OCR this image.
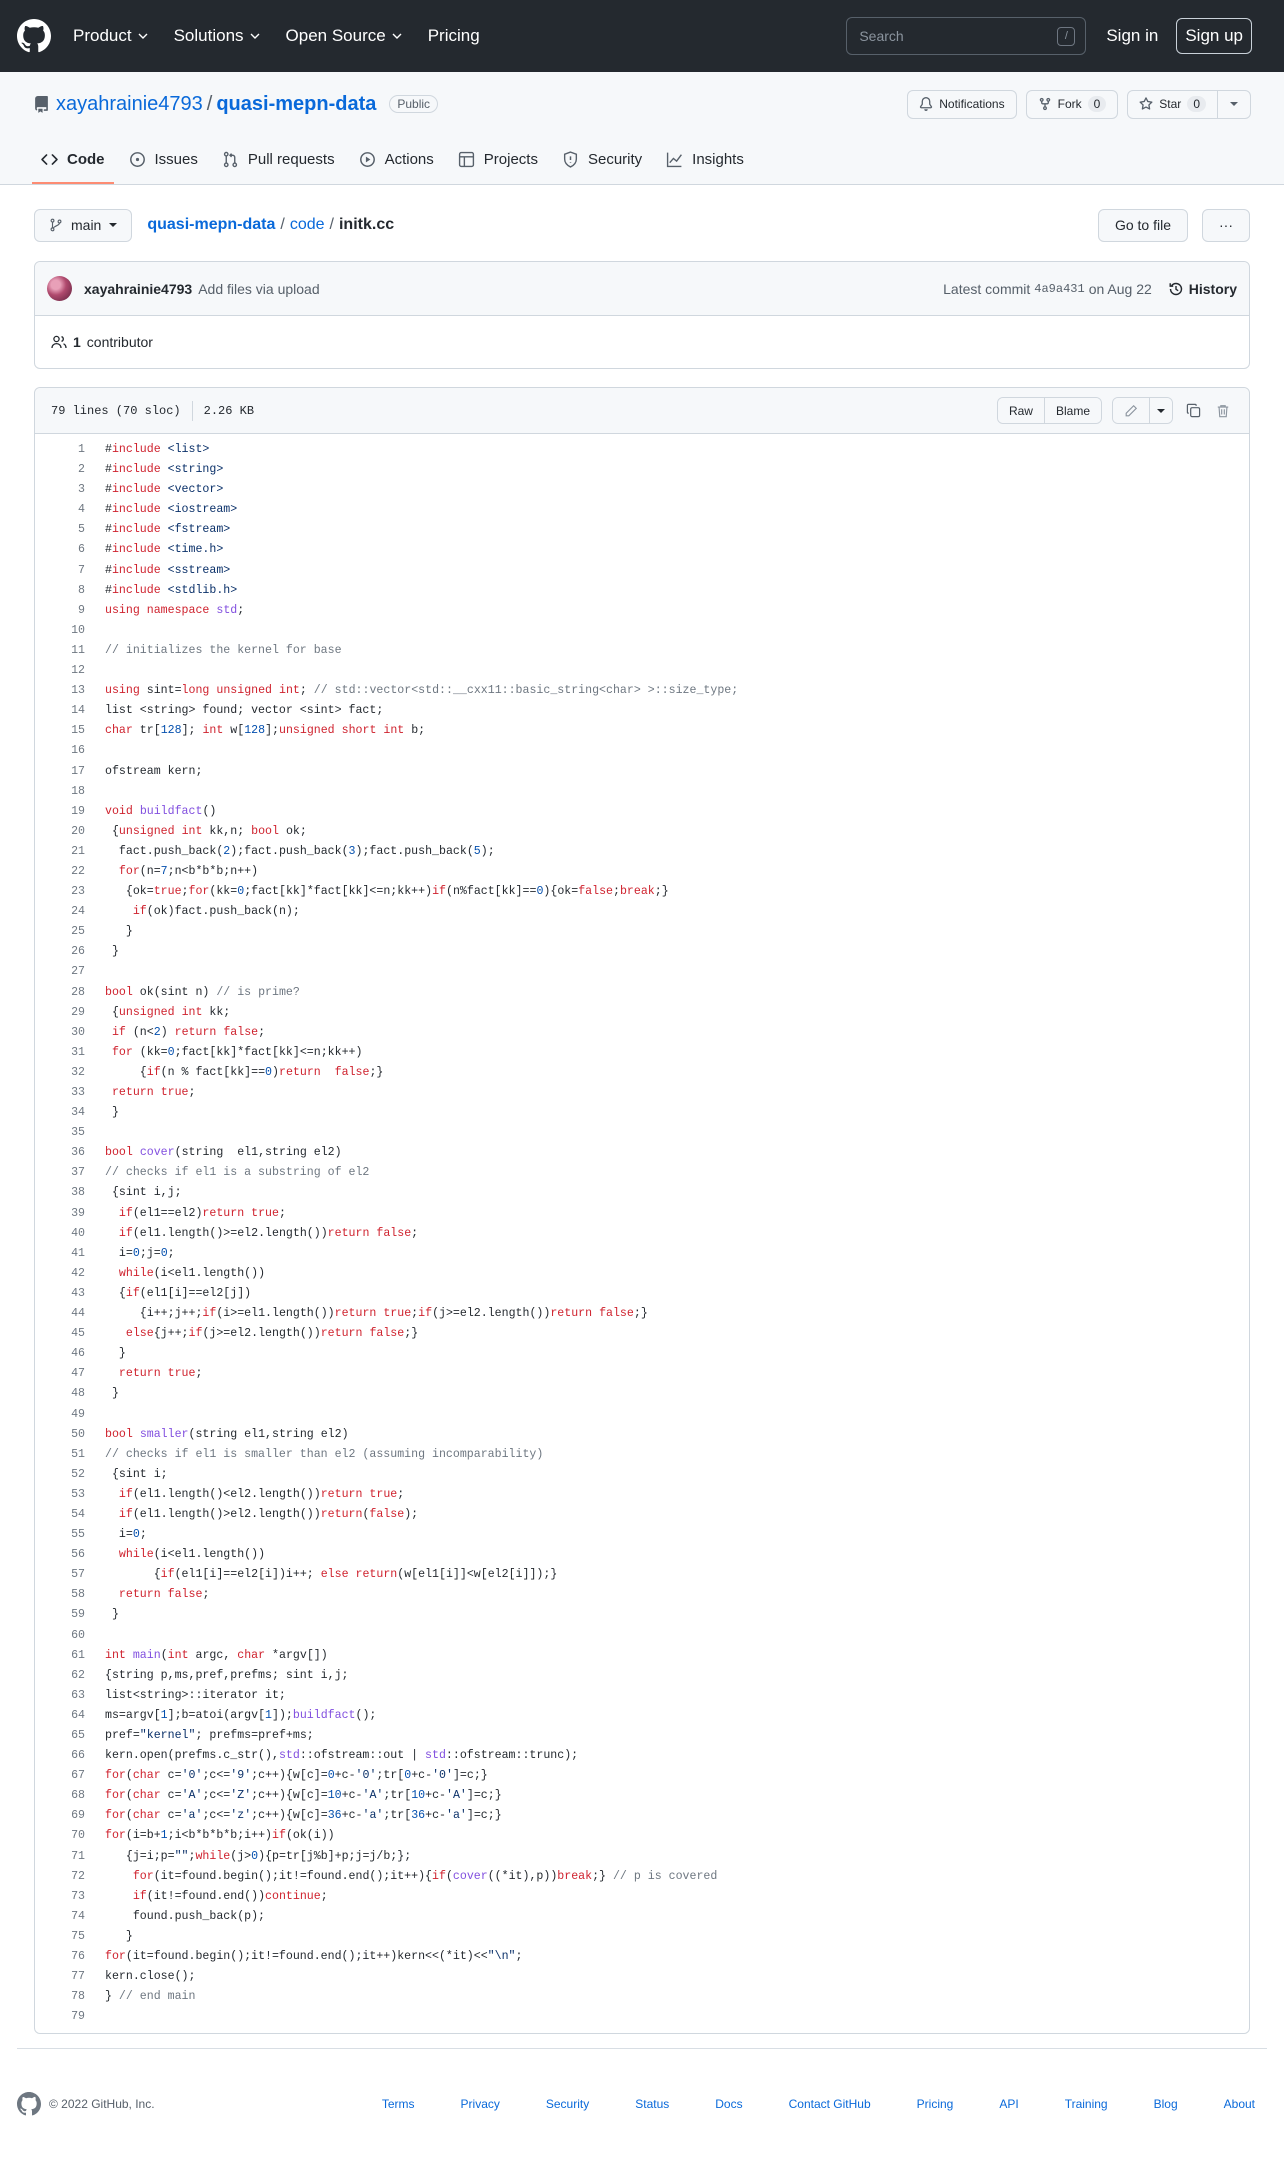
Product Solutions Open Source Pricing	Search	/	Sign in	Sign up
xayahrainie4793 / quasi-mepn-data	Public	Notifications	Fork	0	Star	0
Code	Issues	Pull requests	Actions	Projects	Security	Insights
main	quasi-mepn-data / code / initk.cc	Go to file	···
xayahrainie4793 Add files via upload	Latest commit 4a9a431 on Aug 22	History
1 contributor
79 lines (70 sloc) 2.26 KB	Raw	Blame
1	#include <list>
2	#include <string>
3	#include <vector>
4	#include <iostream>
5	#include <fstream>
6	#include <time.h>
7	#include <sstream>
8	#include <stdlib.h>
9	using namespace std;
10
11	// initializes the kernel for base
12
13	using sint=long unsigned int; // std::vector<std::__cxx11::basic_string<char> >::size_type;
14	list <string> found; vector <sint> fact;
15	char tr[128]; int w[128];unsigned short int b;
16
17	ofstream kern;
18
19	void buildfact()
20	{unsigned int kk,n; bool ok;
21	fact.push_back(2);fact.push_back(3);fact.push_back(5);
22	for(n=7;n<b*b*b;n++)
23	{ok=true;for(kk=0;fact[kk]*fact[kk]<=n;kk++)if(n%fact[kk]==0){ok=false;break;}
24	if(ok)fact.push_back(n);
25	}
26	}
27
28	bool ok(sint n) // is prime?
29	{unsigned int kk;
30	if (n<2) return false;
31	for (kk=0;fact[kk]*fact[kk]<=n;kk++)
32	{if(n % fact[kk]==0)return false;}
33	return true;
34	}
35
36	bool cover(string  el1,string el2)
37	// checks if el1 is a substring of el2
38	{sint i,j;
39	if(el1==el2)return true;
40	if(el1.length()>=el2.length())return false;
41	i=0;j=0;
42	while(i<el1.length())
43	{if(el1[i]==el2[j])
44	{i++;j++;if(i>=el1.length())return true;if(j>=el2.length())return false;}
45	else{j++;if(j>=el2.length())return false;}
46	}
47	return true;
48	}
49
50	bool smaller(string el1,string el2)
51	// checks if el1 is smaller than el2 (assuming incomparability)
52	{sint i;
53	if(el1.length()<el2.length())return true;
54	if(el1.length()>el2.length())return(false);
55	i=0;
56	while(i<el1.length())
57	{if(el1[i]==el2[i])i++; else return(w[el1[i]]<w[el2[i]]);}
58	return false;
59	}
60
61	int main(int argc, char *argv[])
62	{string p,ms,pref,prefms; sint i,j;
63	list<string>::iterator it;
64	ms=argv[1];b=atoi(argv[1]);buildfact();
65	pref="kernel"; prefms=pref+ms;
66	kern.open(prefms.c_str(),std::ofstream::out | std::ofstream::trunc);
67	for(char c='0';c<='9';c++){w[c]=0+c-'0';tr[0+c-'0']=c;}
68	for(char c='A';c<='Z';c++){w[c]=10+c-'A';tr[10+c-'A']=c;}
69	for(char c='a';c<='z';c++){w[c]=36+c-'a';tr[36+c-'a']=c;}
70	for(i=b+1;i<b*b*b*b;i++)if(ok(i))
71	{j=i;p="";while(j>0){p=tr[j%b]+p;j=j/b;};
72	for(it=found.begin();it!=found.end();it++){if(cover((*it),p))break;} // p is covered
73	if(it!=found.end())continue;
74	found.push_back(p);
75	}
76	for(it=found.begin();it!=found.end();it++)kern<<(*it)<<"\n";
77	kern.close();
78	} // end main
79
© 2022 GitHub, Inc.	Terms	Privacy	Security	Status	Docs	Contact GitHub	Pricing	API	Training	Blog	About
